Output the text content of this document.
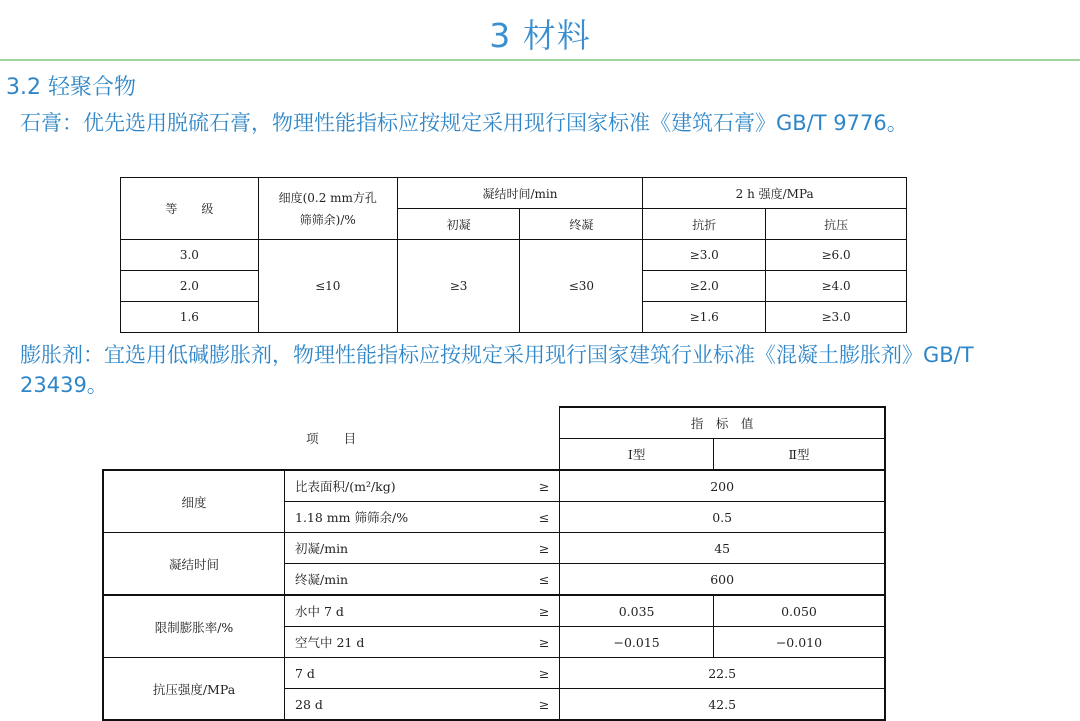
3 材料
3.2 轻聚合物
石膏：优先选用脱硫石膏，物理性能指标应按规定采用现行国家标准《建筑石膏》GB/T 9776。
等　　级	细度(0.2 mm方孔筛筛余)/%	凝结时间/min		2 h 强度/MPa	
		初凝	终凝	抗折	抗压
3.0	≤10	≥3	≤30	≥3.0	≥6.0
2.0				≥2.0	≥4.0
1.6				≥1.6	≥3.0
膨胀剂：宜选用低碱膨胀剂，物理性能指标应按规定采用现行国家建筑行业标准《混凝土膨胀剂》GB/T 23439。
项　　目			指　标　值	
			Ⅰ型	Ⅱ型
细度	比表面积/(m²/kg)	≥	200	
	1.18 mm 筛筛余/%	≤	0.5	
凝结时间	初凝/min	≥	45	
	终凝/min	≤	600	
限制膨胀率/%	水中 7 d	≥	0.035	0.050
	空气中 21 d	≥	−0.015	−0.010
抗压强度/MPa	7 d	≥	22.5	
	28 d	≥	42.5	
